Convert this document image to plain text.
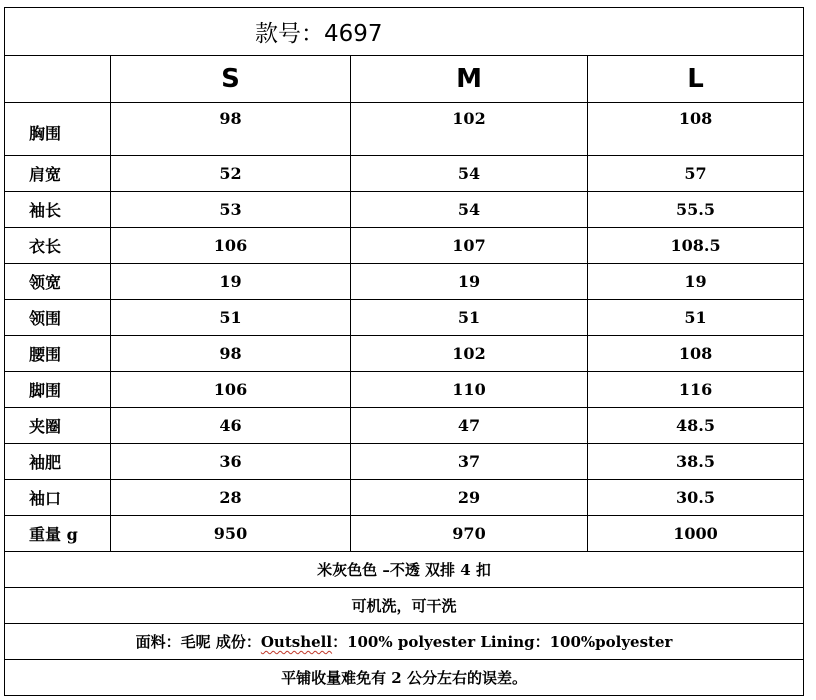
款号：4697			
	S	M	L
胸围	98	102	108
肩宽	52	54	57
袖长	53	54	55.5
衣长	106	107	108.5
领宽	19	19	19
领围	51	51	51
腰围	98	102	108
脚围	106	110	116
夹圈	46	47	48.5
袖肥	36	37	38.5
袖口	28	29	30.5
重量 g	950	970	1000
米灰色色 –不透 双排 4 扣			
可机洗，可干洗			
面料：毛呢 成份：Outshell：100% polyester Lining：100%polyester			
平铺收量难免有 2 公分左右的误差。			
